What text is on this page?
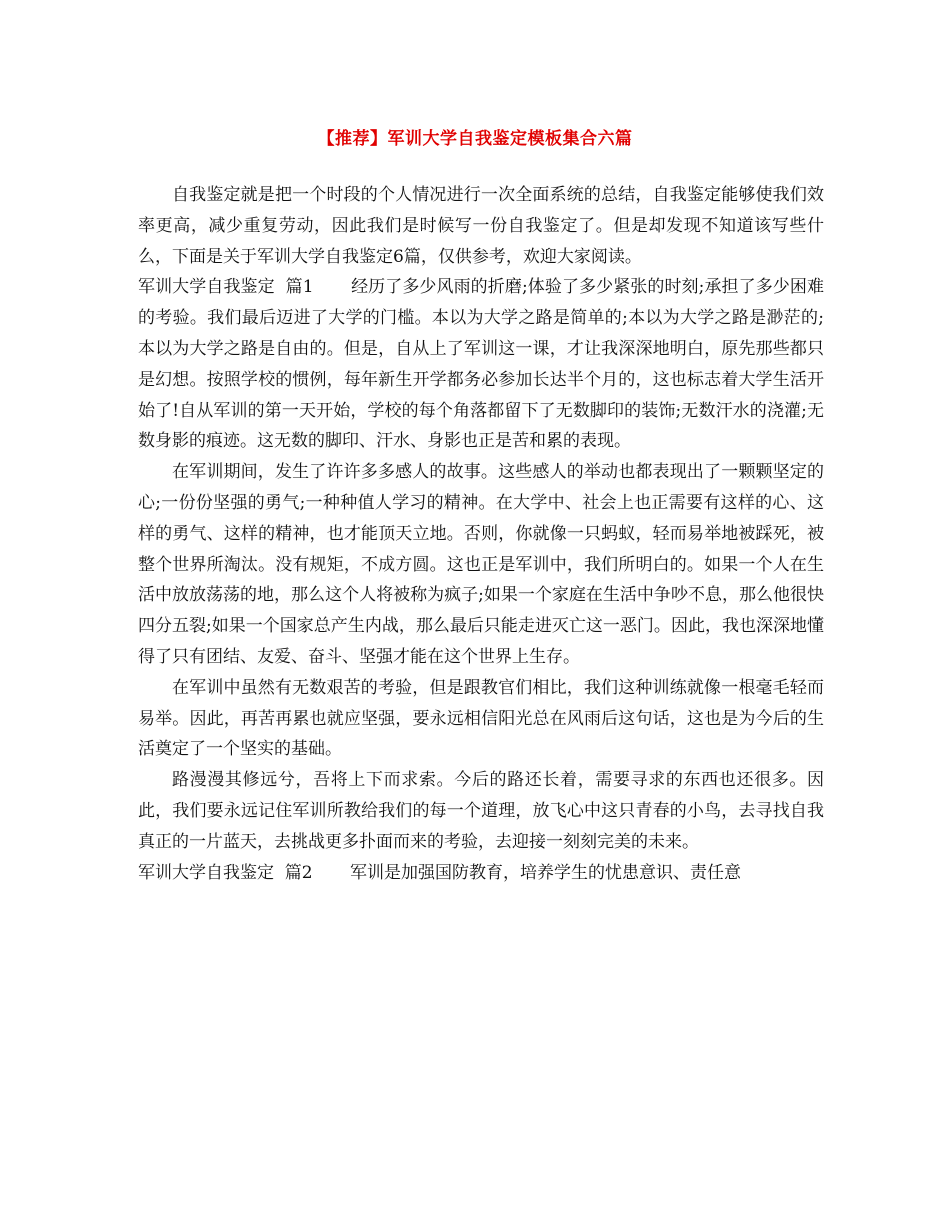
【推荐】军训大学自我鉴定模板集合六篇

自我鉴定就是把一个时段的个人情况进行一次全面系统的总结，自我鉴定能够使我们效率更高，减少重复劳动，因此我们是时候写一份自我鉴定了。但是却发现不知道该写些什么，下面是关于军训大学自我鉴定6篇，仅供参考，欢迎大家阅读。

军训大学自我鉴定  篇1 经历了多少风雨的折磨;体验了多少紧张的时刻;承担了多少困难的考验。我们最后迈进了大学的门槛。本以为大学之路是简单的;本以为大学之路是渺茫的;本以为大学之路是自由的。但是，自从上了军训这一课，才让我深深地明白，原先那些都只是幻想。按照学校的惯例，每年新生开学都务必参加长达半个月的，这也标志着大学生活开始了!自从军训的第一天开始，学校的每个角落都留下了无数脚印的装饰;无数汗水的浇灌;无数身影的痕迹。这无数的脚印、汗水、身影也正是苦和累的表现。

在军训期间，发生了许许多多感人的故事。这些感人的举动也都表现出了一颗颗坚定的心;一份份坚强的勇气;一种种值人学习的精神。在大学中、社会上也正需要有这样的心、这样的勇气、这样的精神，也才能顶天立地。否则，你就像一只蚂蚁，轻而易举地被踩死，被整个世界所淘汰。没有规矩，不成方圆。这也正是军训中，我们所明白的。如果一个人在生活中放放荡荡的地，那么这个人将被称为疯子;如果一个家庭在生活中争吵不息，那么他很快四分五裂;如果一个国家总产生内战，那么最后只能走进灭亡这一恶门。因此，我也深深地懂得了只有团结、友爱、奋斗、坚强才能在这个世界上生存。

在军训中虽然有无数艰苦的考验，但是跟教官们相比，我们这种训练就像一根毫毛轻而易举。因此，再苦再累也就应坚强，要永远相信阳光总在风雨后这句话，这也是为今后的生活奠定了一个坚实的基础。

路漫漫其修远兮，吾将上下而求索。今后的路还长着，需要寻求的东西也还很多。因此，我们要永远记住军训所教给我们的每一个道理，放飞心中这只青春的小鸟，去寻找自我真正的一片蓝天，去挑战更多扑面而来的考验，去迎接一刻刻完美的未来。

军训大学自我鉴定  篇2 军训是加强国防教育，培养学生的忧患意识、责任意
